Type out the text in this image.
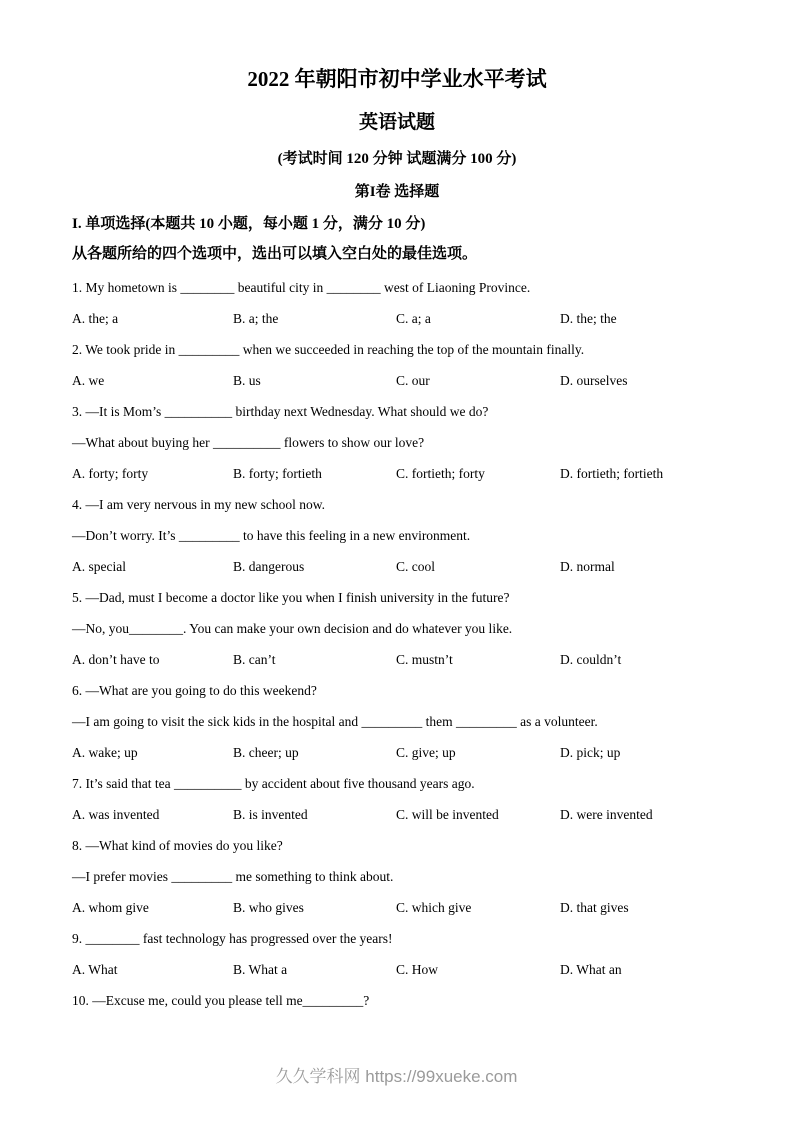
2022 年朝阳市初中学业水平考试
英语试题
(考试时间 120 分钟 试题满分 100 分)
第I卷 选择题
I. 单项选择(本题共 10 小题，每小题 1 分，满分 10 分)
从各题所给的四个选项中，选出可以填入空白处的最佳选项。

1. My hometown is ________ beautiful city in ________ west of Liaoning Province.

A. the; a	B. a; the	C. a; a	D. the; the

2. We took pride in _________ when we succeeded in reaching the top of the mountain finally.

A. we	B. us	C. our	D. ourselves

3. —It is Mom’s __________ birthday next Wednesday. What should we do?

—What about buying her __________ flowers to show our love?

A. forty; forty	B. forty; fortieth	C. fortieth; forty	D. fortieth; fortieth

4. —I am very nervous in my new school now.

—Don’t worry. It’s _________ to have this feeling in a new environment.

A. special	B. dangerous	C. cool	D. normal

5. —Dad, must I become a doctor like you when I finish university in the future?

—No, you________. You can make your own decision and do whatever you like.

A. don’t have to	B. can’t	C. mustn’t	D. couldn’t

6. —What are you going to do this weekend?

—I am going to visit the sick kids in the hospital and _________ them _________ as a volunteer.

A. wake; up	B. cheer; up	C. give; up	D. pick; up

7. It’s said that tea __________ by accident about five thousand years ago.

A. was invented	B. is invented	C. will be invented	D. were invented

8. —What kind of movies do you like?

—I prefer movies _________ me something to think about.

A. whom give	B. who gives	C. which give	D. that gives

9. ________ fast technology has progressed over the years!

A. What	B. What a	C. How	D. What an

10. —Excuse me, could you please tell me_________?

久久学科网 https://99xueke.com
